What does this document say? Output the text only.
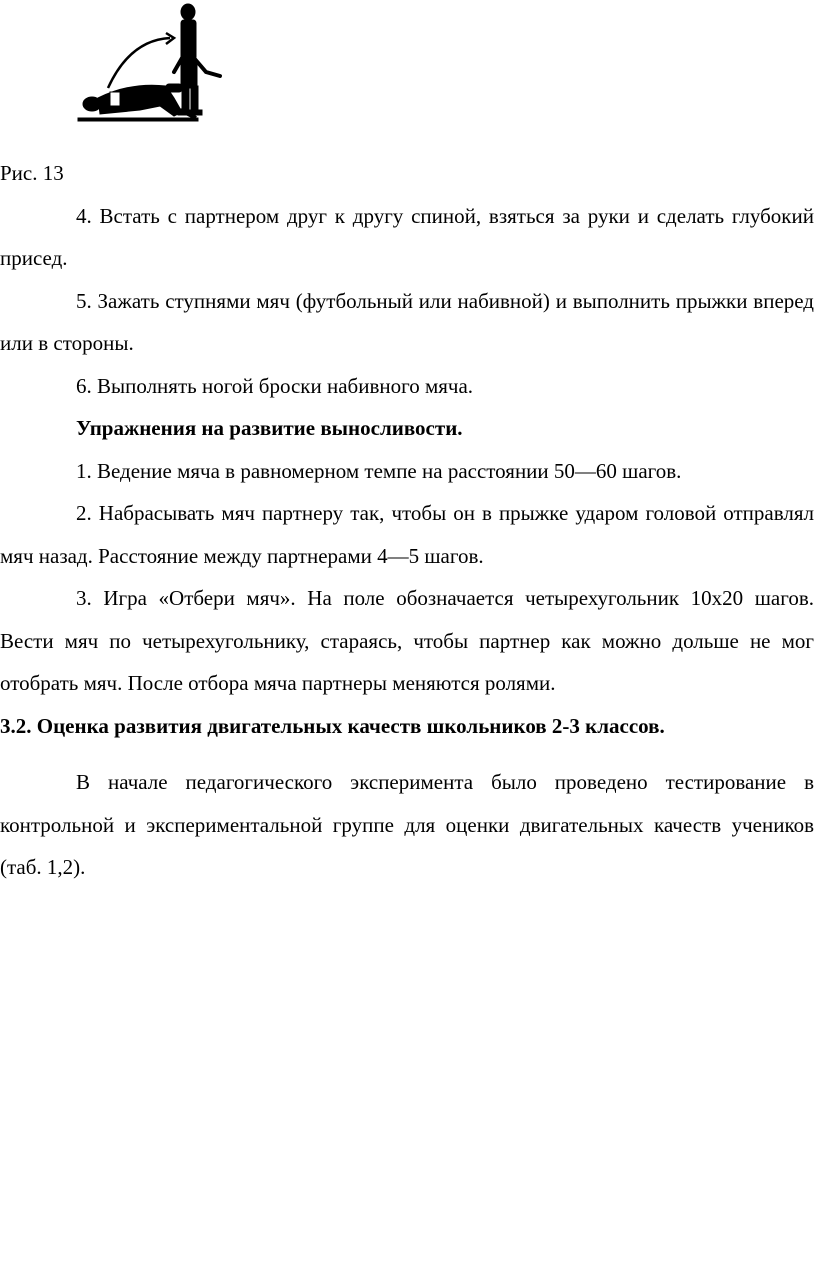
Рис. 13

4. Встать с партнером друг к другу спиной, взяться за руки и сделать глубокий присед.

5. Зажать ступнями мяч (футбольный или набивной) и выполнить прыжки вперед или в стороны.

6. Выполнять ногой броски набивного мяча.

Упражнения на развитие выносливости.

1. Ведение мяча в равномерном темпе на расстоянии 50—60 шагов.

2. Набрасывать мяч партнеру так, чтобы он в прыжке ударом головой отправлял мяч назад. Расстояние между партнерами 4—5 шагов.

3. Игра «Отбери мяч». На поле обозначается четырехугольник 10х20 шагов. Вести мяч по четырехугольнику, стараясь, чтобы партнер как можно дольше не мог отобрать мяч. После отбора мяча партнеры меняются ролями.

3.2. Оценка развития двигательных качеств школьников 2-3 классов.

В начале педагогического эксперимента было проведено тестирование в контрольной и экспериментальной группе для оценки двигательных качеств учеников (таб. 1,2).
